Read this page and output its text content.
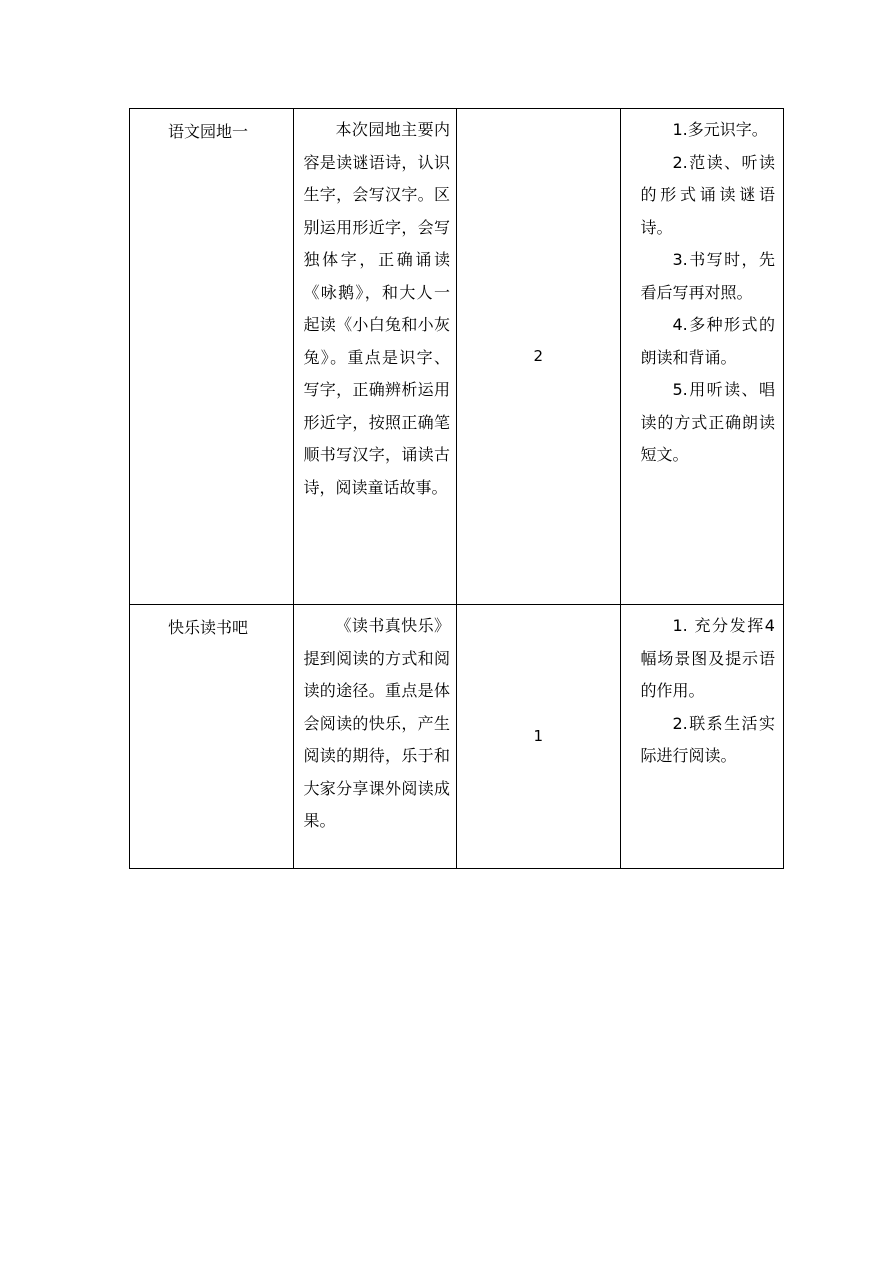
语文园地一	本次园地主要内容是读谜语诗，认识生字，会写汉字。区别运用形近字，会写独体字，正确诵读《咏鹅》，和大人一起读《小白兔和小灰兔》。重点是识字、写字，正确辨析运用形近字，按照正确笔顺书写汉字，诵读古诗，阅读童话故事。	2	1.多元识字。
2.范读、听读的形式诵读谜语诗。
3.书写时，先看后写再对照。
4.多种形式的朗读和背诵。
5.用听读、唱读的方式正确朗读短文。

快乐读书吧	《读书真快乐》提到阅读的方式和阅读的途径。重点是体会阅读的快乐，产生阅读的期待，乐于和大家分享课外阅读成果。	1	1. 充分发挥4幅场景图及提示语的作用。
2.联系生活实际进行阅读。
